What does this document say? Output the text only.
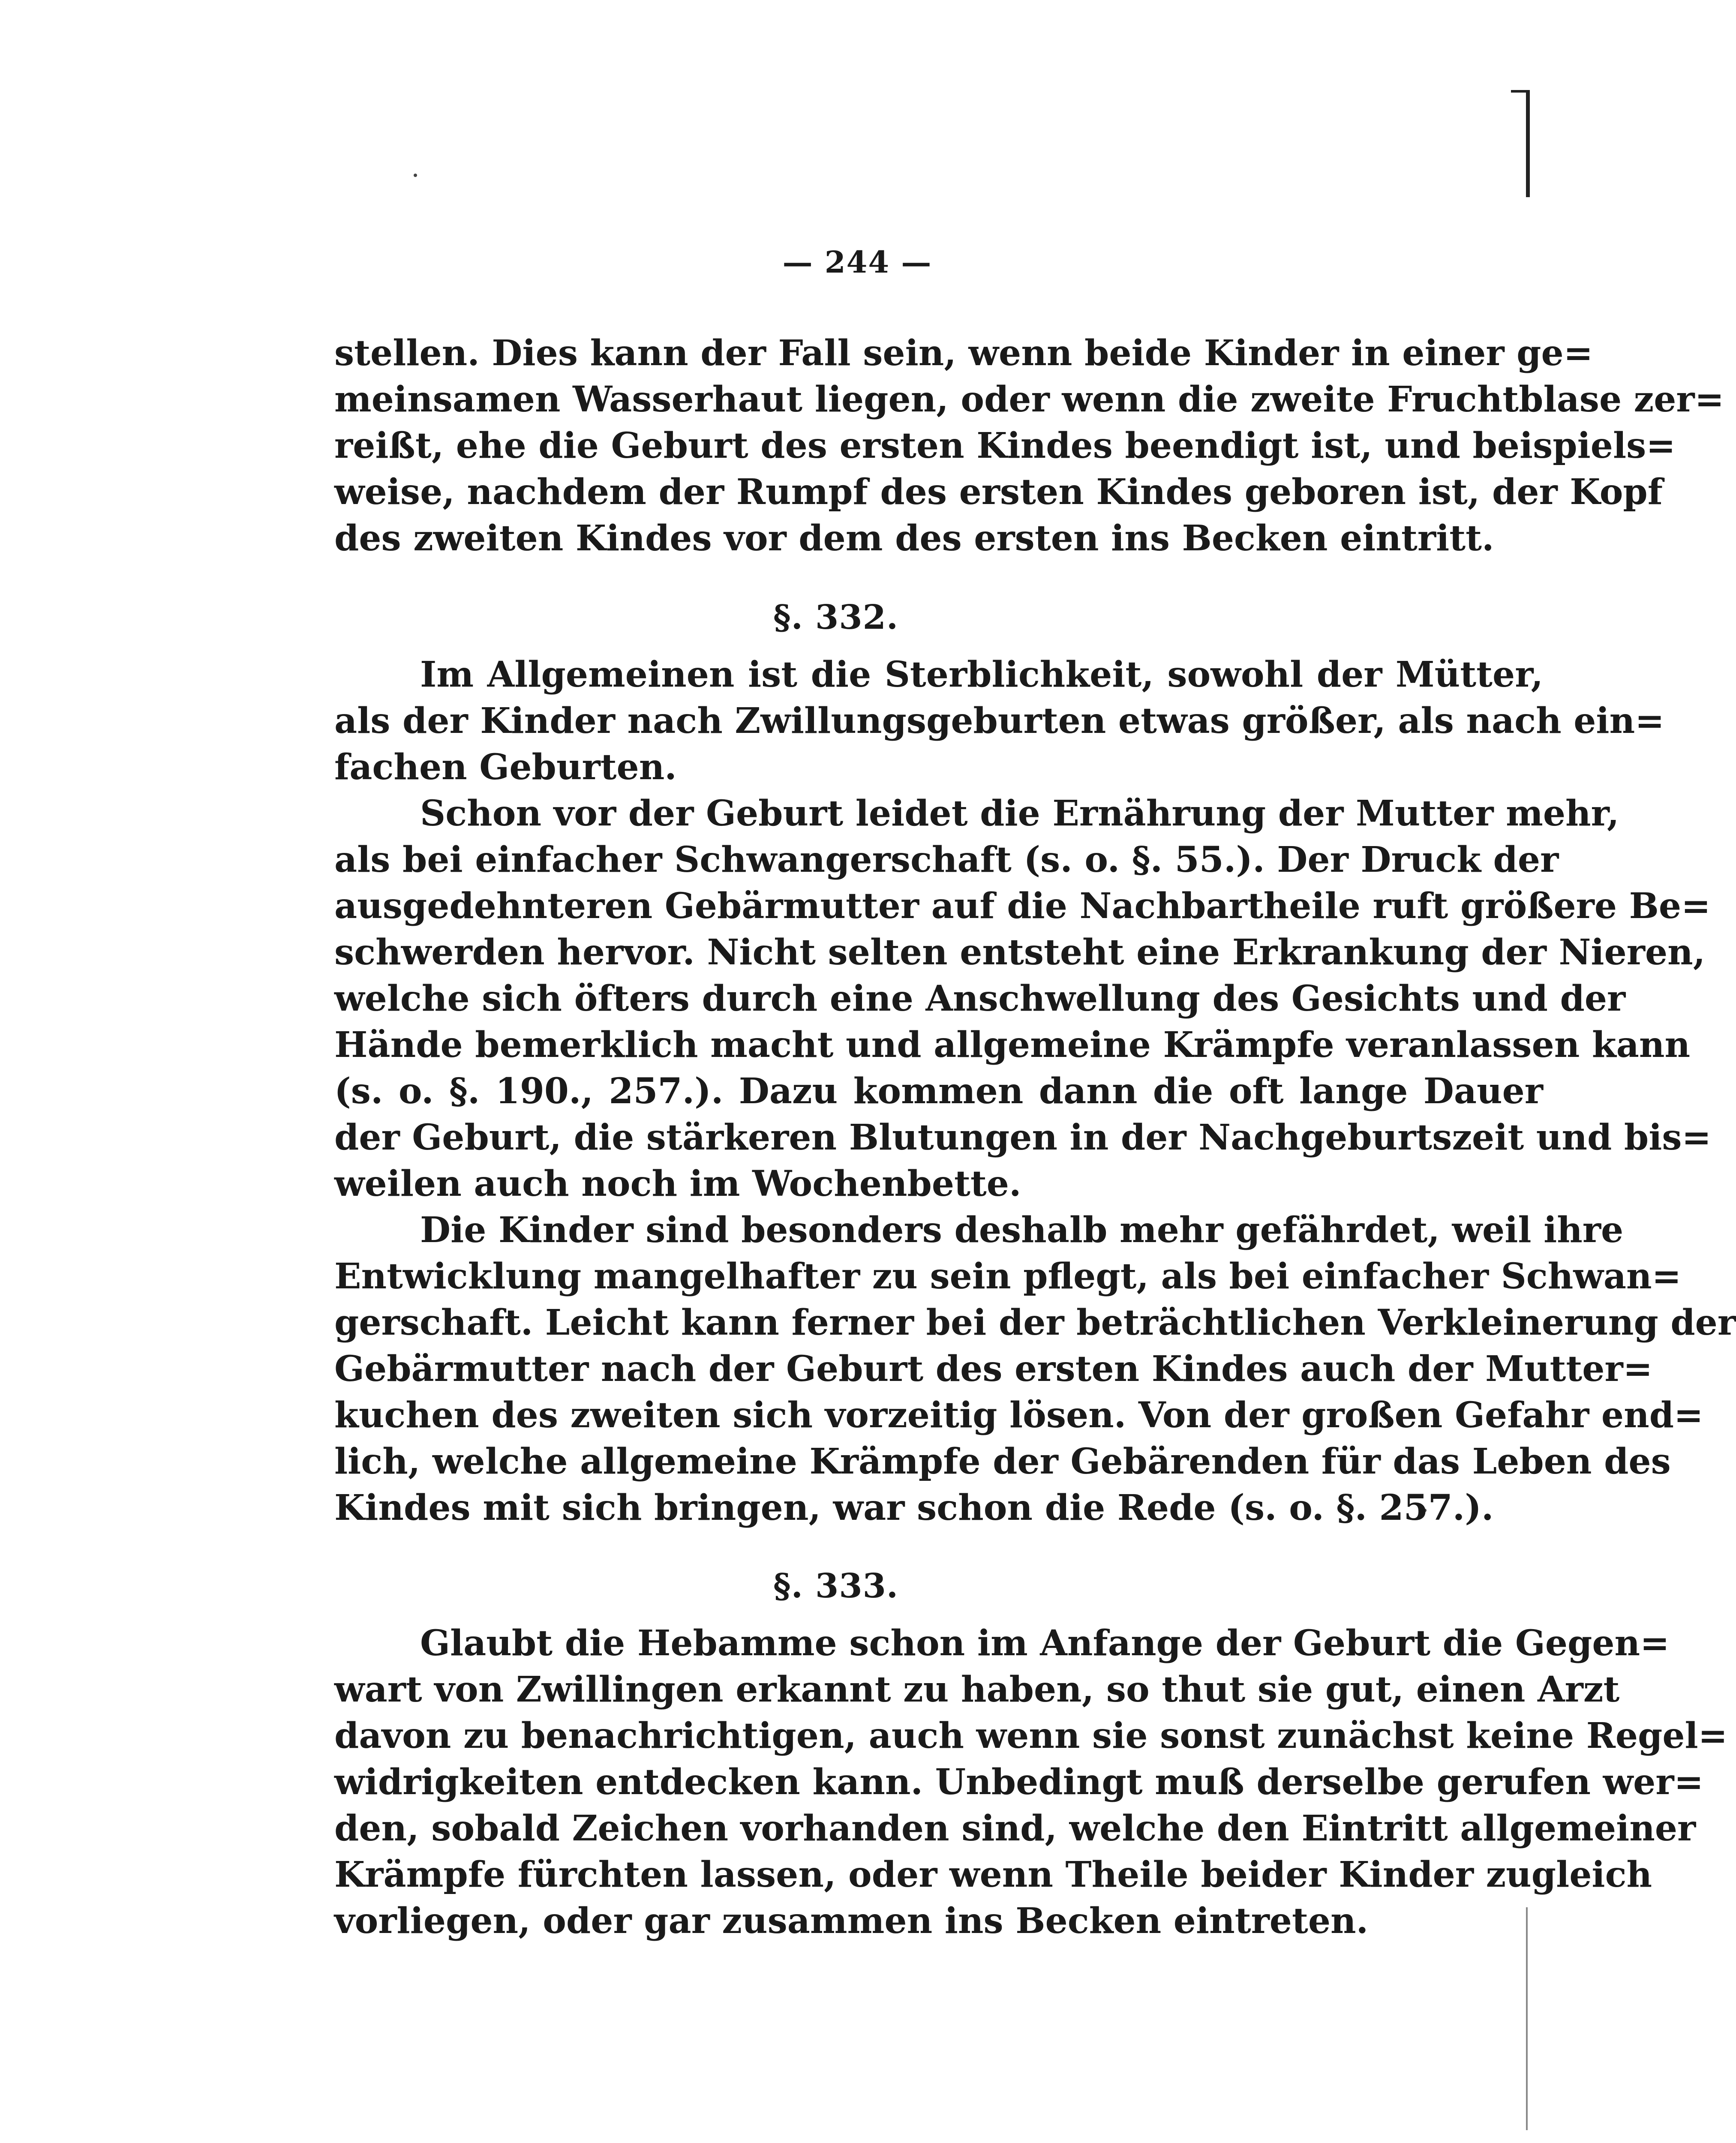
— 244 —
stellen. Dies kann der Fall sein, wenn beide Kinder in einer ge=
meinsamen Wasserhaut liegen, oder wenn die zweite Fruchtblase zer=
reißt, ehe die Geburt des ersten Kindes beendigt ist, und beispiels=
weise, nachdem der Rumpf des ersten Kindes geboren ist, der Kopf
des zweiten Kindes vor dem des ersten ins Becken eintritt.
§. 332.
Im Allgemeinen ist die Sterblichkeit, sowohl der Mütter,
als der Kinder nach Zwillungsgeburten etwas größer, als nach ein=
fachen Geburten.
Schon vor der Geburt leidet die Ernährung der Mutter mehr,
als bei einfacher Schwangerschaft (s. o. §. 55.). Der Druck der
ausgedehnteren Gebärmutter auf die Nachbartheile ruft größere Be=
schwerden hervor. Nicht selten entsteht eine Erkrankung der Nieren,
welche sich öfters durch eine Anschwellung des Gesichts und der
Hände bemerklich macht und allgemeine Krämpfe veranlassen kann
(s. o. §. 190., 257.). Dazu kommen dann die oft lange Dauer
der Geburt, die stärkeren Blutungen in der Nachgeburtszeit und bis=
weilen auch noch im Wochenbette.
Die Kinder sind besonders deshalb mehr gefährdet, weil ihre
Entwicklung mangelhafter zu sein pflegt, als bei einfacher Schwan=
gerschaft. Leicht kann ferner bei der beträchtlichen Verkleinerung der
Gebärmutter nach der Geburt des ersten Kindes auch der Mutter=
kuchen des zweiten sich vorzeitig lösen. Von der großen Gefahr end=
lich, welche allgemeine Krämpfe der Gebärenden für das Leben des
Kindes mit sich bringen, war schon die Rede (s. o. §. 257.).
§. 333.
Glaubt die Hebamme schon im Anfange der Geburt die Gegen=
wart von Zwillingen erkannt zu haben, so thut sie gut, einen Arzt
davon zu benachrichtigen, auch wenn sie sonst zunächst keine Regel=
widrigkeiten entdecken kann. Unbedingt muß derselbe gerufen wer=
den, sobald Zeichen vorhanden sind, welche den Eintritt allgemeiner
Krämpfe fürchten lassen, oder wenn Theile beider Kinder zugleich
vorliegen, oder gar zusammen ins Becken eintreten.
